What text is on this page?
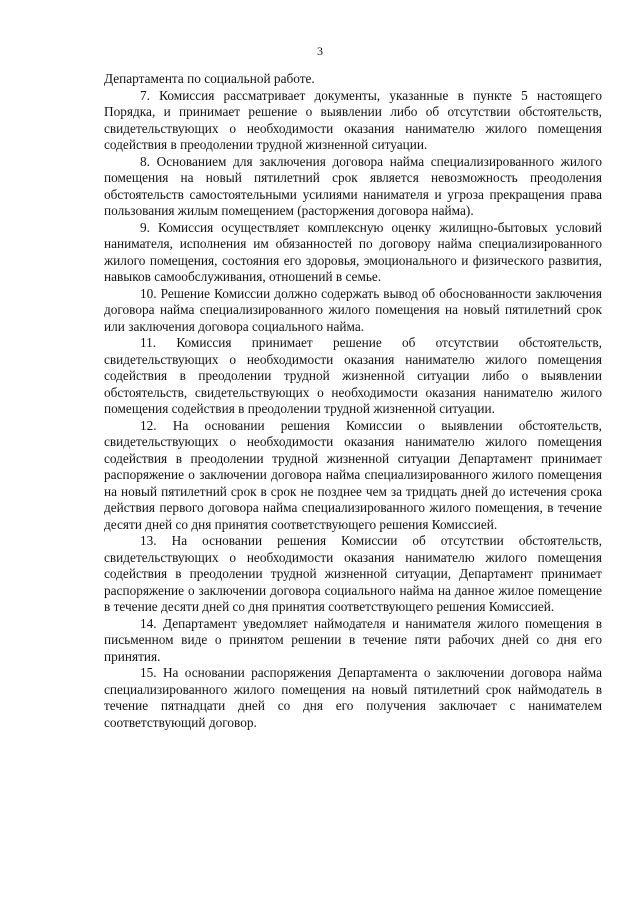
3

Департамента по социальной работе.

7. Комиссия рассматривает документы, указанные в пункте 5 настоящего Порядка, и принимает решение о выявлении либо об отсутствии обстоятельств, свидетельствующих о необходимости оказания нанимателю жилого помещения содействия в преодолении трудной жизненной ситуации.

8. Основанием для заключения договора найма специализированного жилого помещения на новый пятилетний срок является невозможность преодоления обстоятельств самостоятельными усилиями нанимателя и угроза прекращения права пользования жилым помещением (расторжения договора найма).

9. Комиссия осуществляет комплексную оценку жилищно-бытовых условий нанимателя, исполнения им обязанностей по договору найма специализированного жилого помещения, состояния его здоровья, эмоционального и физического развития, навыков самообслуживания, отношений в семье.

10. Решение Комиссии должно содержать вывод об обоснованности заключения договора найма специализированного жилого помещения на новый пятилетний срок или заключения договора социального найма.

11. Комиссия принимает решение об отсутствии обстоятельств, свидетельствующих о необходимости оказания нанимателю жилого помещения содействия в преодолении трудной жизненной ситуации либо о выявлении обстоятельств, свидетельствующих о необходимости оказания нанимателю жилого помещения содействия в преодолении трудной жизненной ситуации.

12. На основании решения Комиссии о выявлении обстоятельств, свидетельствующих о необходимости оказания нанимателю жилого помещения содействия в преодолении трудной жизненной ситуации Департамент принимает распоряжение о заключении договора найма специализированного жилого помещения на новый пятилетний срок в срок не позднее чем за тридцать дней до истечения срока действия первого договора найма специализированного жилого помещения, в течение десяти дней со дня принятия соответствующего решения Комиссией.

13. На основании решения Комиссии об отсутствии обстоятельств, свидетельствующих о необходимости оказания нанимателю жилого помещения содействия в преодолении трудной жизненной ситуации, Департамент принимает распоряжение о заключении договора социального найма на данное жилое помещение в течение десяти дней со дня принятия соответствующего решения Комиссией.

14. Департамент уведомляет наймодателя и нанимателя жилого помещения в письменном виде о принятом решении в течение пяти рабочих дней со дня его принятия.

15. На основании распоряжения Департамента о заключении договора найма специализированного жилого помещения на новый пятилетний срок наймодатель в течение пятнадцати дней со дня его получения заключает с нанимателем соответствующий договор.
